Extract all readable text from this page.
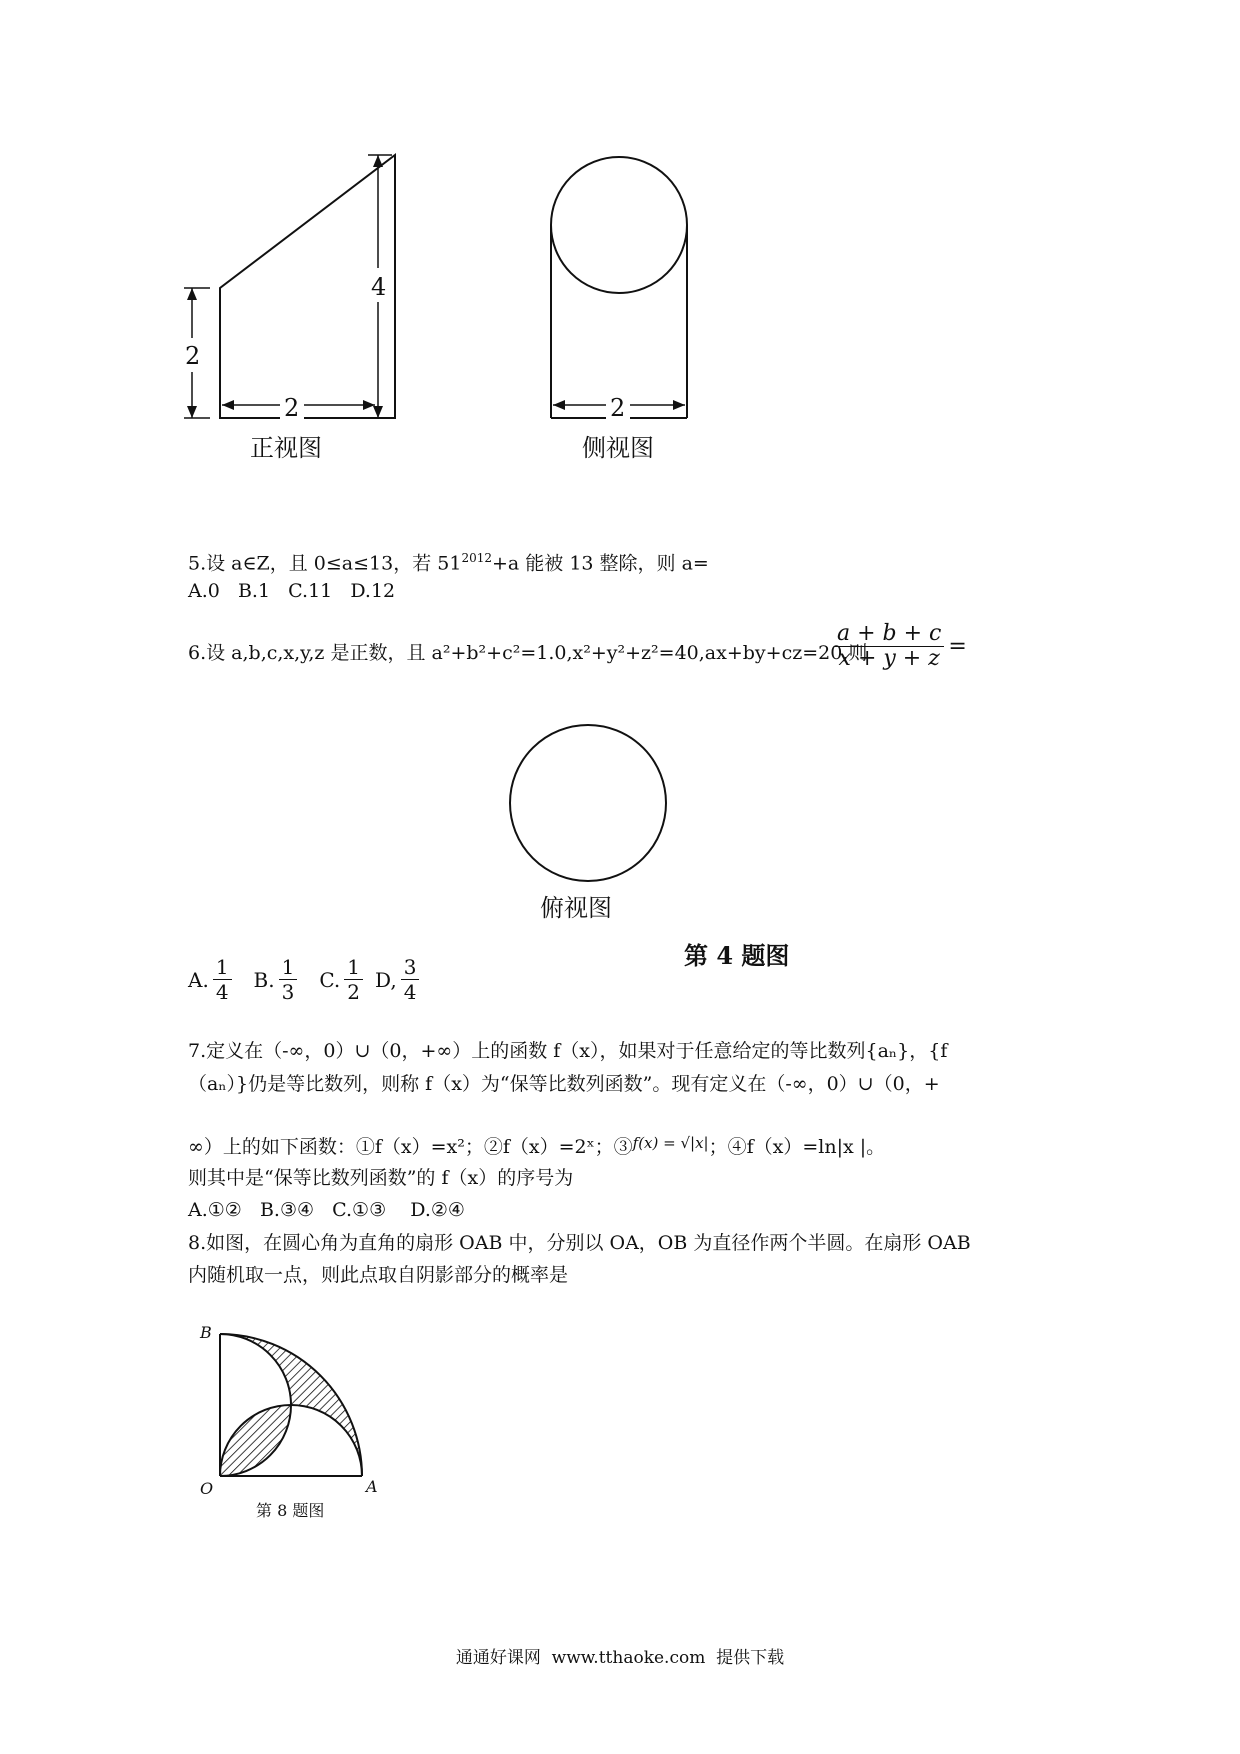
2
4
2
正视图
2
侧视图
5.设 a∈Z，且 0≤a≤13，若 $51^{2012}+a$ 能被 13 整除，则 a=
A.0   B.1   C.11   D.12
6.设 a,b,c,x,y,z 是正数，且 a²+b²+c²=1.0,x²+y²+z²=40,ax+by+cz=20,则
$\frac{a + b + c}{x + y + z}$ =
俯视图
第 4 题图
A. $\frac{1}{4} B$. $\frac{1}{3} C$. $\frac{1}{2} D$, $\frac{3}{4}$
7.定义在（-∞，0）∪（0，+∞）上的函数 f（x），如果对于任意给定的等比数列{aₙ}，{f
（aₙ）}仍是等比数列，则称 f（x）为“保等比数列函数”。现有定义在（-∞，0）∪（0，+
∞）上的如下函数：①f（x）=x²；②f（x）=2ˣ；③$^{f(x) = √|x|}$；④f（x）=ln|x |。
则其中是“保等比数列函数”的 f（x）的序号为
A.①②   B.③④   C.①③    D.②④
8.如图，在圆心角为直角的扇形 OAB 中，分别以 OA，OB 为直径作两个半圆。在扇形 OAB
内随机取一点，则此点取自阴影部分的概率是
B
O	A
第 8 题图
通通好课网  www.tthaoke.com  提供下载
